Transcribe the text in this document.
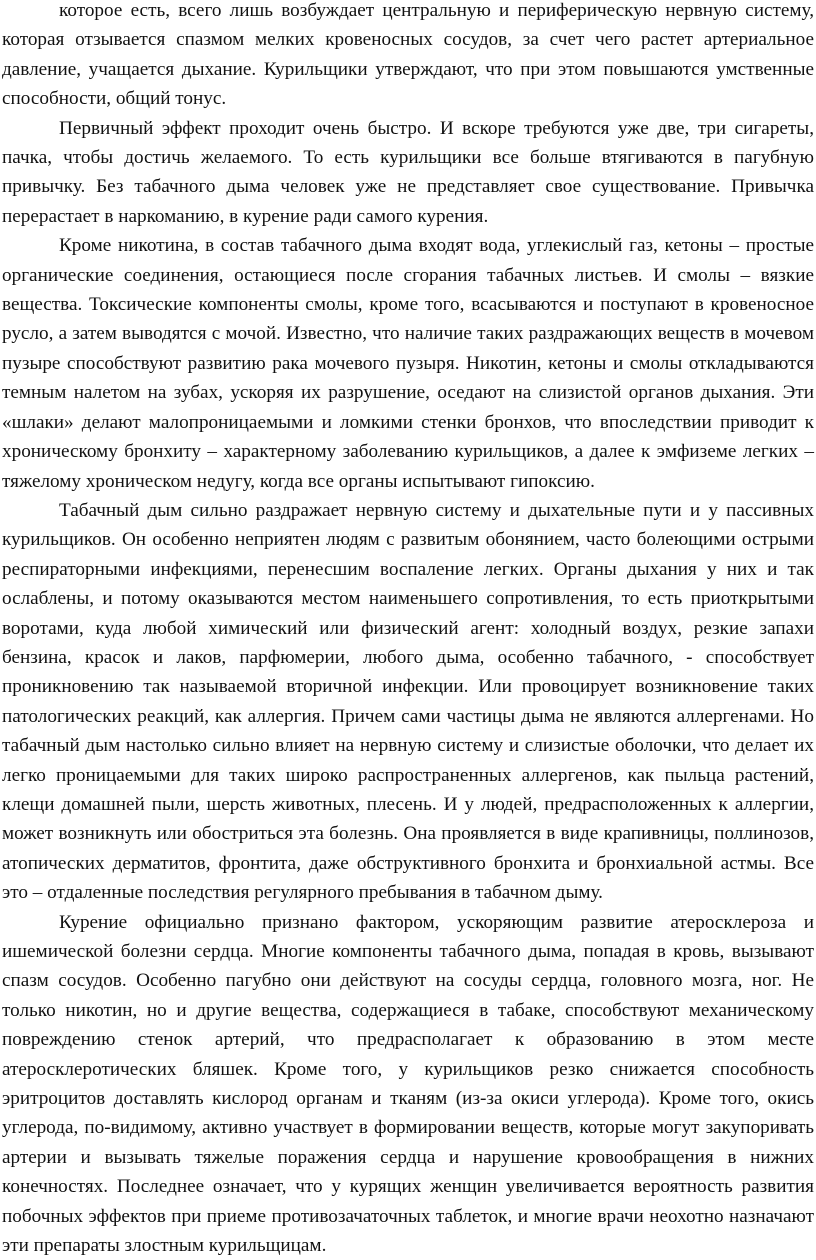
которое есть, всего лишь возбуждает центральную и периферическую нервную систему, которая отзывается спазмом мелких кровеносных сосудов, за счет чего растет артериальное давление, учащается дыхание. Курильщики утверждают, что при этом повышаются умственные способности, общий тонус.

Первичный эффект проходит очень быстро. И вскоре требуются уже две, три сигареты, пачка, чтобы достичь желаемого. То есть курильщики все больше втягиваются в пагубную привычку. Без табачного дыма человек уже не представляет свое существование. Привычка перерастает в наркоманию, в курение ради самого курения.

Кроме никотина, в состав табачного дыма входят вода, углекислый газ, кетоны – простые органические соединения, остающиеся после сгорания табачных листьев. И смолы – вязкие вещества. Токсические компоненты смолы, кроме того, всасываются и поступают в кровеносное русло, а затем выводятся с мочой. Известно, что наличие таких раздражающих веществ в мочевом пузыре способствуют развитию рака мочевого пузыря. Никотин, кетоны и смолы откладываются темным налетом на зубах, ускоряя их разрушение, оседают на слизистой органов дыхания. Эти «шлаки» делают малопроницаемыми и ломкими стенки бронхов, что впоследствии приводит к хроническому бронхиту – характерному заболеванию курильщиков, а далее к эмфиземе легких – тяжелому хроническом недугу, когда все органы испытывают гипоксию.

Табачный дым сильно раздражает нервную систему и дыхательные пути и у пассивных курильщиков. Он особенно неприятен людям с развитым обонянием, часто болеющими острыми респираторными инфекциями, перенесшим воспаление легких. Органы дыхания у них и так ослаблены, и потому оказываются местом наименьшего сопротивления, то есть приоткрытыми воротами, куда любой химический или физический агент: холодный воздух, резкие запахи бензина, красок и лаков, парфюмерии, любого дыма, особенно табачного, - способствует проникновению так называемой вторичной инфекции. Или провоцирует возникновение таких патологических реакций, как аллергия. Причем сами частицы дыма не являются аллергенами. Но табачный дым настолько сильно влияет на нервную систему и слизистые оболочки, что делает их легко проницаемыми для таких широко распространенных аллергенов, как пыльца растений, клещи домашней пыли, шерсть животных, плесень. И у людей, предрасположенных к аллергии, может возникнуть или обостриться эта болезнь. Она проявляется в виде крапивницы, поллинозов, атопических дерматитов, фронтита, даже обструктивного бронхита и бронхиальной астмы. Все это – отдаленные последствия регулярного пребывания в табачном дыму.

Курение официально признано фактором, ускоряющим развитие атеросклероза и ишемической болезни сердца. Многие компоненты табачного дыма, попадая в кровь, вызывают спазм сосудов. Особенно пагубно они действуют на сосуды сердца, головного мозга, ног. Не только никотин, но и другие вещества, содержащиеся в табаке, способствуют механическому повреждению стенок артерий, что предрасполагает к образованию в этом месте атеросклеротических бляшек. Кроме того, у курильщиков резко снижается способность эритроцитов доставлять кислород органам и тканям (из-за окиси углерода). Кроме того, окись углерода, по-видимому, активно участвует в формировании веществ, которые могут закупоривать артерии и вызывать тяжелые поражения сердца и нарушение кровообращения в нижних конечностях. Последнее означает, что у курящих женщин увеличивается вероятность развития побочных эффектов при приеме противозачаточных таблеток, и многие врачи неохотно назначают эти препараты злостным курильщицам.
